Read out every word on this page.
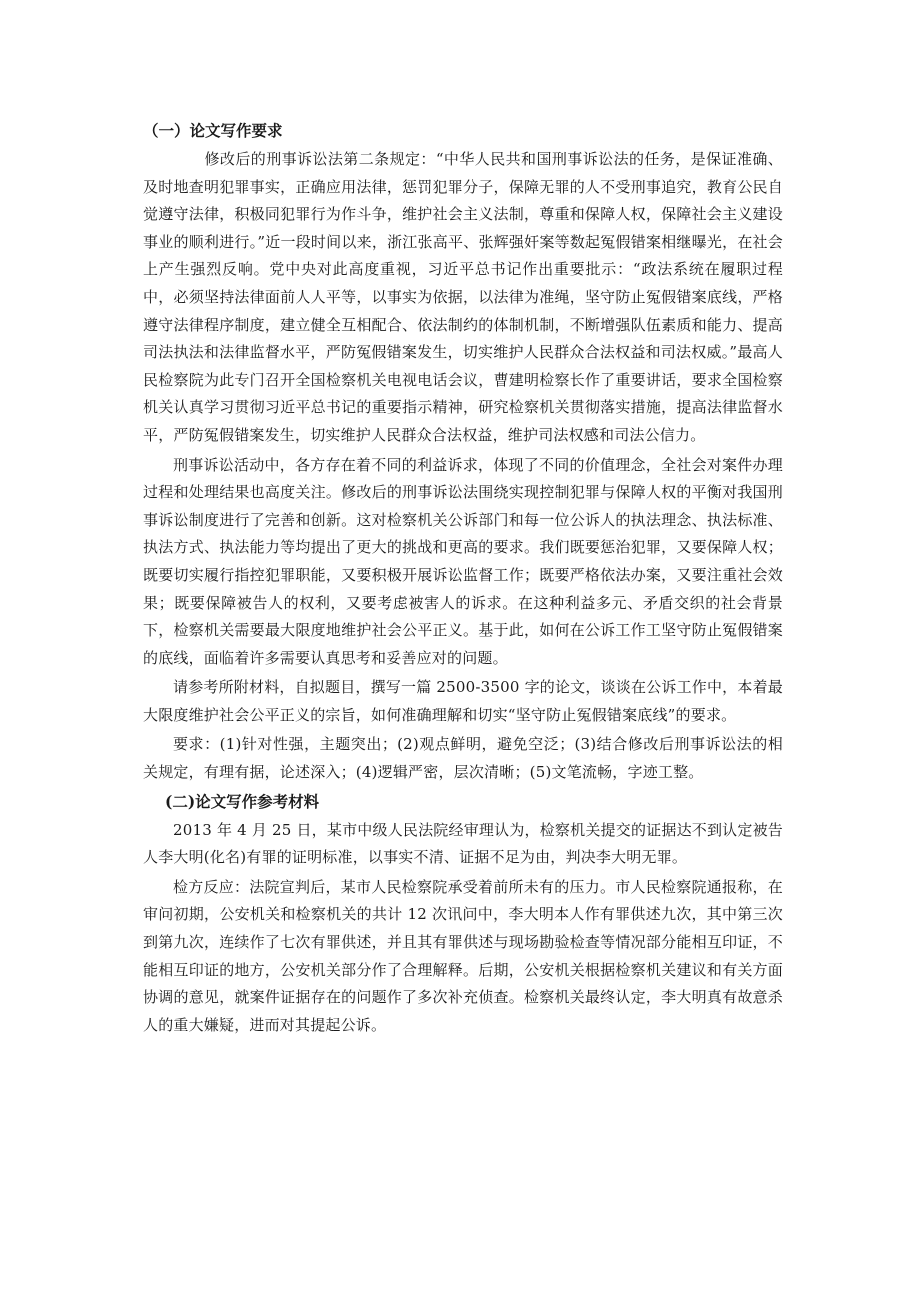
（一）论文写作要求

修改后的刑事诉讼法第二条规定：“中华人民共和国刑事诉讼法的任务，是保证准确、及时地查明犯罪事实，正确应用法律，惩罚犯罪分子，保障无罪的人不受刑事追究，教育公民自觉遵守法律，积极同犯罪行为作斗争，维护社会主义法制，尊重和保障人权，保障社会主义建设事业的顺利进行。”近一段时间以来，浙江张高平、张辉强奸案等数起冤假错案相继曝光，在社会上产生强烈反响。党中央对此高度重视，习近平总书记作出重要批示：“政法系统在履职过程中，必须坚持法律面前人人平等，以事实为依据，以法律为准绳，坚守防止冤假错案底线，严格遵守法律程序制度，建立健全互相配合、依法制约的体制机制，不断增强队伍素质和能力、提高司法执法和法律监督水平，严防冤假错案发生，切实维护人民群众合法权益和司法权威。”最高人民检察院为此专门召开全国检察机关电视电话会议，曹建明检察长作了重要讲话，要求全国检察机关认真学习贯彻习近平总书记的重要指示精神，研究检察机关贯彻落实措施，提高法律监督水平，严防冤假错案发生，切实维护人民群众合法权益，维护司法权感和司法公信力。

刑事诉讼活动中，各方存在着不同的利益诉求，体现了不同的价值理念，全社会对案件办理过程和处理结果也高度关注。修改后的刑事诉讼法围绕实现控制犯罪与保障人权的平衡对我国刑事诉讼制度进行了完善和创新。这对检察机关公诉部门和每一位公诉人的执法理念、执法标准、执法方式、执法能力等均提出了更大的挑战和更高的要求。我们既要惩治犯罪，又要保障人权；既要切实履行指控犯罪职能，又要积极开展诉讼监督工作；既要严格依法办案，又要注重社会效果；既要保障被告人的权利，又要考虑被害人的诉求。在这种利益多元、矛盾交织的社会背景下，检察机关需要最大限度地维护社会公平正义。基于此，如何在公诉工作工坚守防止冤假错案的底线，面临着许多需要认真思考和妥善应对的问题。

请参考所附材料，自拟题目，撰写一篇 2500-3500 字的论文，谈谈在公诉工作中，本着最大限度维护社会公平正义的宗旨，如何准确理解和切实“坚守防止冤假错案底线”的要求。

要求：(1)针对性强，主题突出；(2)观点鲜明，避免空泛；(3)结合修改后刑事诉讼法的相关规定，有理有据，论述深入；(4)逻辑严密，层次清晰；(5)文笔流畅，字迹工整。

(二)论文写作参考材料

2013 年 4 月 25 日，某市中级人民法院经审理认为，检察机关提交的证据达不到认定被告人李大明(化名)有罪的证明标准，以事实不清、证据不足为由，判决李大明无罪。

检方反应：法院宣判后，某市人民检察院承受着前所未有的压力。市人民检察院通报称，在审问初期，公安机关和检察机关的共计 12 次讯问中，李大明本人作有罪供述九次，其中第三次到第九次，连续作了七次有罪供述，并且其有罪供述与现场勘验检查等情况部分能相互印证，不能相互印证的地方，公安机关部分作了合理解释。后期，公安机关根据检察机关建议和有关方面协调的意见，就案件证据存在的问题作了多次补充侦查。检察机关最终认定，李大明真有故意杀人的重大嫌疑，进而对其提起公诉。
